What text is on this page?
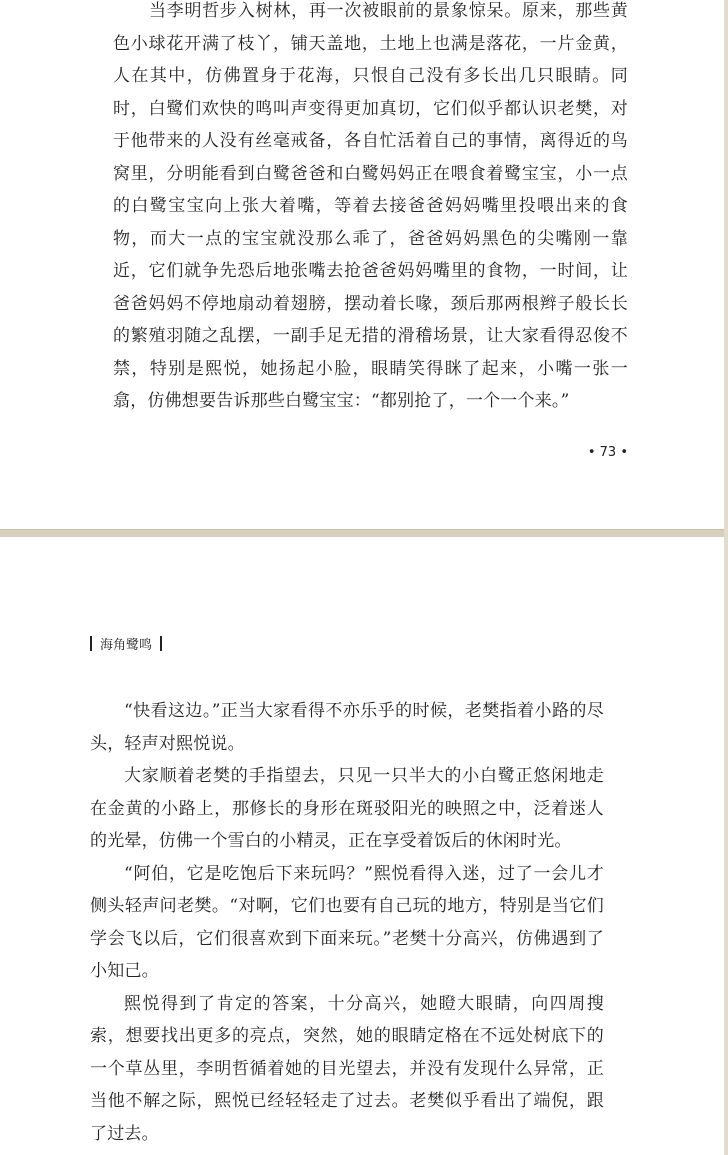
当李明哲步入树林，再一次被眼前的景象惊呆。原来，那些黄色小球花开满了枝丫，铺天盖地，土地上也满是落花，一片金黄，人在其中，仿佛置身于花海，只恨自己没有多长出几只眼睛。同时，白鹭们欢快的鸣叫声变得更加真切，它们似乎都认识老樊，对于他带来的人没有丝毫戒备，各自忙活着自己的事情，离得近的鸟窝里，分明能看到白鹭爸爸和白鹭妈妈正在喂食着鹭宝宝，小一点的白鹭宝宝向上张大着嘴，等着去接爸爸妈妈嘴里投喂出来的食物，而大一点的宝宝就没那么乖了，爸爸妈妈黑色的尖嘴刚一靠近，它们就争先恐后地张嘴去抢爸爸妈妈嘴里的食物，一时间，让爸爸妈妈不停地扇动着翅膀，摆动着长喙，颈后那两根辫子般长长的繁殖羽随之乱摆，一副手足无措的滑稽场景，让大家看得忍俊不禁，特别是熙悦，她扬起小脸，眼睛笑得眯了起来，小嘴一张一翕，仿佛想要告诉那些白鹭宝宝：“都别抢了，一个一个来。”

• 73 •
海角鹭鸣

“快看这边。”正当大家看得不亦乐乎的时候，老樊指着小路的尽头，轻声对熙悦说。

大家顺着老樊的手指望去，只见一只半大的小白鹭正悠闲地走在金黄的小路上，那修长的身形在斑驳阳光的映照之中，泛着迷人的光晕，仿佛一个雪白的小精灵，正在享受着饭后的休闲时光。

“阿伯，它是吃饱后下来玩吗？”熙悦看得入迷，过了一会儿才侧头轻声问老樊。“对啊，它们也要有自己玩的地方，特别是当它们学会飞以后，它们很喜欢到下面来玩。”老樊十分高兴，仿佛遇到了小知己。

熙悦得到了肯定的答案，十分高兴，她瞪大眼睛，向四周搜索，想要找出更多的亮点，突然，她的眼睛定格在不远处树底下的一个草丛里，李明哲循着她的目光望去，并没有发现什么异常，正当他不解之际，熙悦已经轻轻走了过去。老樊似乎看出了端倪，跟了过去。
